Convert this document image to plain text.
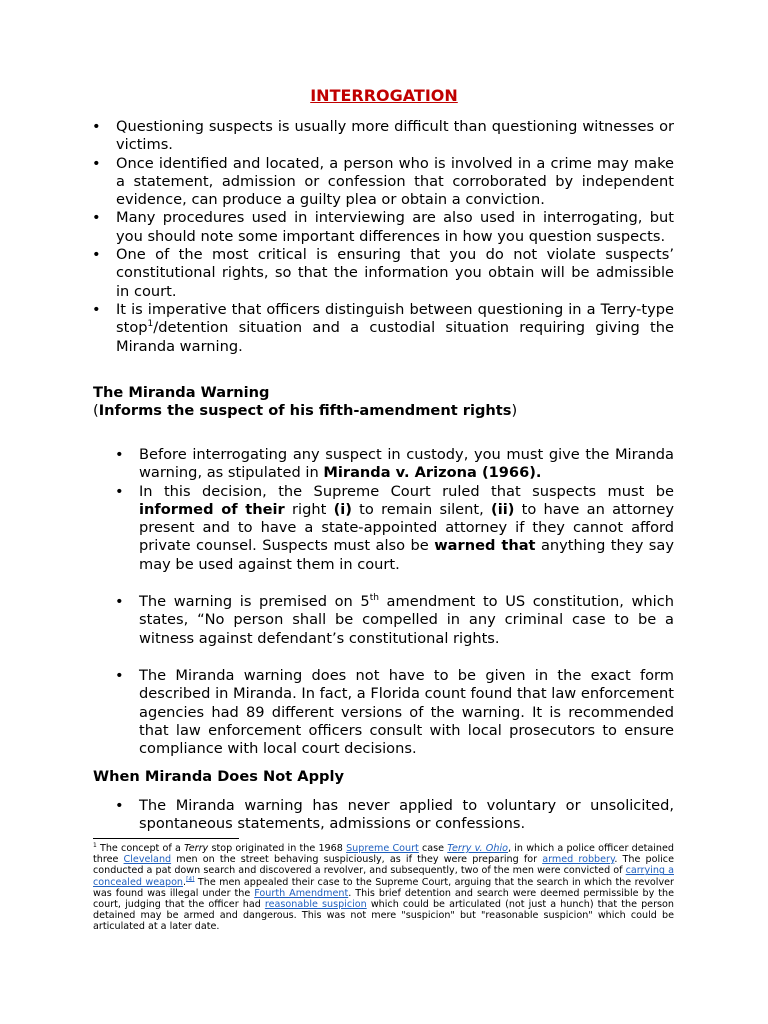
INTERROGATION
• Questioning suspects is usually more difficult than questioning witnesses or victims.
• Once identified and located, a person who is involved in a crime may make a statement, admission or confession that corroborated by independent evidence, can produce a guilty plea or obtain a conviction.
• Many procedures used in interviewing are also used in interrogating, but you should note some important differences in how you question suspects.
• One of the most critical is ensuring that you do not violate suspects’ constitutional rights, so that the information you obtain will be admissible in court.
• It is imperative that officers distinguish between questioning in a Terry-type stop$^1$/detention situation and a custodial situation requiring giving the Miranda warning.
The Miranda Warning
(Informs the suspect of his fifth-amendment rights)
• Before interrogating any suspect in custody, you must give the Miranda warning, as stipulated in Miranda v. Arizona (1966).
• In this decision, the Supreme Court ruled that suspects must be informed of their right (i) to remain silent, (ii) to have an attorney present and to have a state-appointed attorney if they cannot afford private counsel. Suspects must also be warned that anything they say may be used against them in court.
• The warning is premised on 5th amendment to US constitution, which states, “No person shall be compelled in any criminal case to be a witness against defendant’s constitutional rights.
• The Miranda warning does not have to be given in the exact form described in Miranda. In fact, a Florida count found that law enforcement agencies had 89 different versions of the warning. It is recommended that law enforcement officers consult with local prosecutors to ensure compliance with local court decisions.
When Miranda Does Not Apply
• The Miranda warning has never applied to voluntary or unsolicited, spontaneous statements, admissions or confessions.
$^1$ The concept of a Terry stop originated in the 1968 Supreme Court case Terry v. Ohio, in which a police officer detained three Cleveland men on the street behaving suspiciously, as if they were preparing for armed robbery. The police conducted a pat down search and discovered a revolver, and subsequently, two of the men were convicted of carrying a concealed weapon.[4] The men appealed their case to the Supreme Court, arguing that the search in which the revolver was found was illegal under the Fourth Amendment. This brief detention and search were deemed permissible by the court, judging that the officer had reasonable suspicion which could be articulated (not just a hunch) that the person detained may be armed and dangerous. This was not mere "suspicion" but "reasonable suspicion" which could be articulated at a later date.
